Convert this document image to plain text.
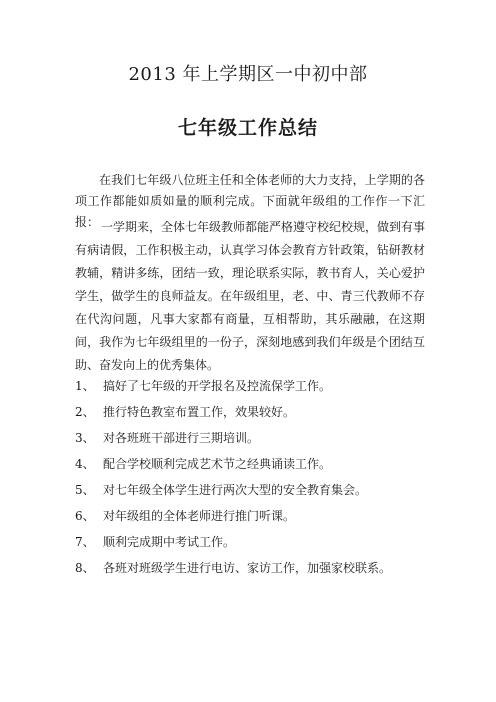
2013 年上学期区一中初中部
七年级工作总结

在我们七年级八位班主任和全体老师的大力支持，上学期的各项工作都能如质如量的顺利完成。下面就年级组的工作作一下汇报： 一学期来，全体七年级教师都能严格遵守校纪校规，做到有事有病请假，工作积极主动，认真学习体会教育方针政策，钻研教材教辅，精讲多练，团结一致，理论联系实际，教书育人，关心爱护学生，做学生的良师益友。在年级组里，老、中、青三代教师不存在代沟问题，凡事大家都有商量，互相帮助，其乐融融，在这期间，我作为七年级组里的一份子，深刻地感到我们年级是个团结互助、奋发向上的优秀集体。

1、 搞好了七年级的开学报名及控流保学工作。
2、 推行特色教室布置工作，效果较好。
3、 对各班班干部进行三期培训。
4、 配合学校顺利完成艺术节之经典诵读工作。
5、 对七年级全体学生进行两次大型的安全教育集会。
6、 对年级组的全体老师进行推门听课。
7、 顺利完成期中考试工作。
8、 各班对班级学生进行电访、家访工作，加强家校联系。
